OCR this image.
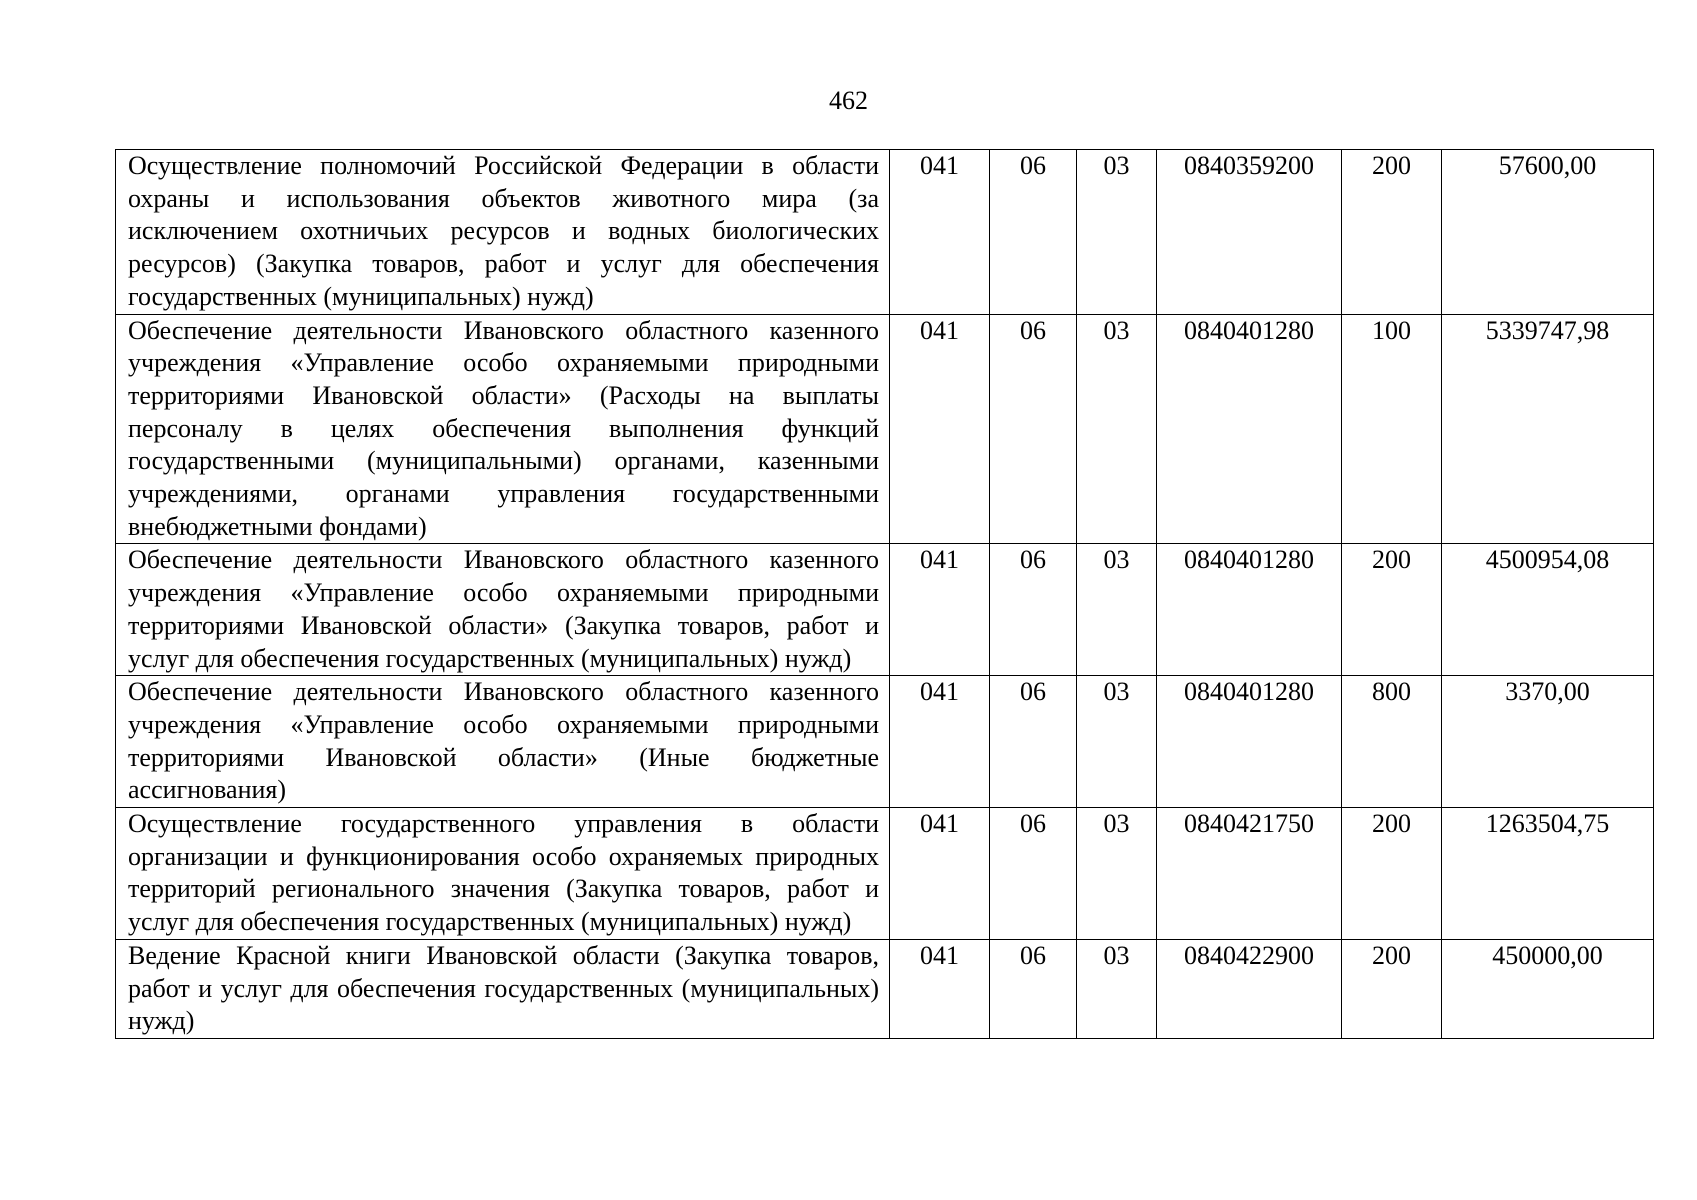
462
Осуществление полномочий Российской Федерации в области охраны и использования объектов животного мира (за исключением охотничьих ресурсов и водных биологических ресурсов) (Закупка товаров, работ и услуг для обеспечения государственных (муниципальных) нужд)	041	06	03	0840359200	200	57600,00
Обеспечение деятельности Ивановского областного казенного учреждения «Управление особо охраняемыми природными территориями Ивановской области» (Расходы на выплаты персоналу в целях обеспечения выполнения функций государственными (муниципальными) органами, казенными учреждениями, органами управления государственными внебюджетными фондами)	041	06	03	0840401280	100	5339747,98
Обеспечение деятельности Ивановского областного казенного учреждения «Управление особо охраняемыми природными территориями Ивановской области» (Закупка товаров, работ и услуг для обеспечения государственных (муниципальных) нужд)	041	06	03	0840401280	200	4500954,08
Обеспечение деятельности Ивановского областного казенного учреждения «Управление особо охраняемыми природными территориями Ивановской области» (Иные бюджетные ассигнования)	041	06	03	0840401280	800	3370,00
Осуществление государственного управления в области организации и функционирования особо охраняемых природных территорий регионального значения (Закупка товаров, работ и услуг для обеспечения государственных (муниципальных) нужд)	041	06	03	0840421750	200	1263504,75
Ведение Красной книги Ивановской области (Закупка товаров, работ и услуг для обеспечения государственных (муниципальных) нужд)	041	06	03	0840422900	200	450000,00
